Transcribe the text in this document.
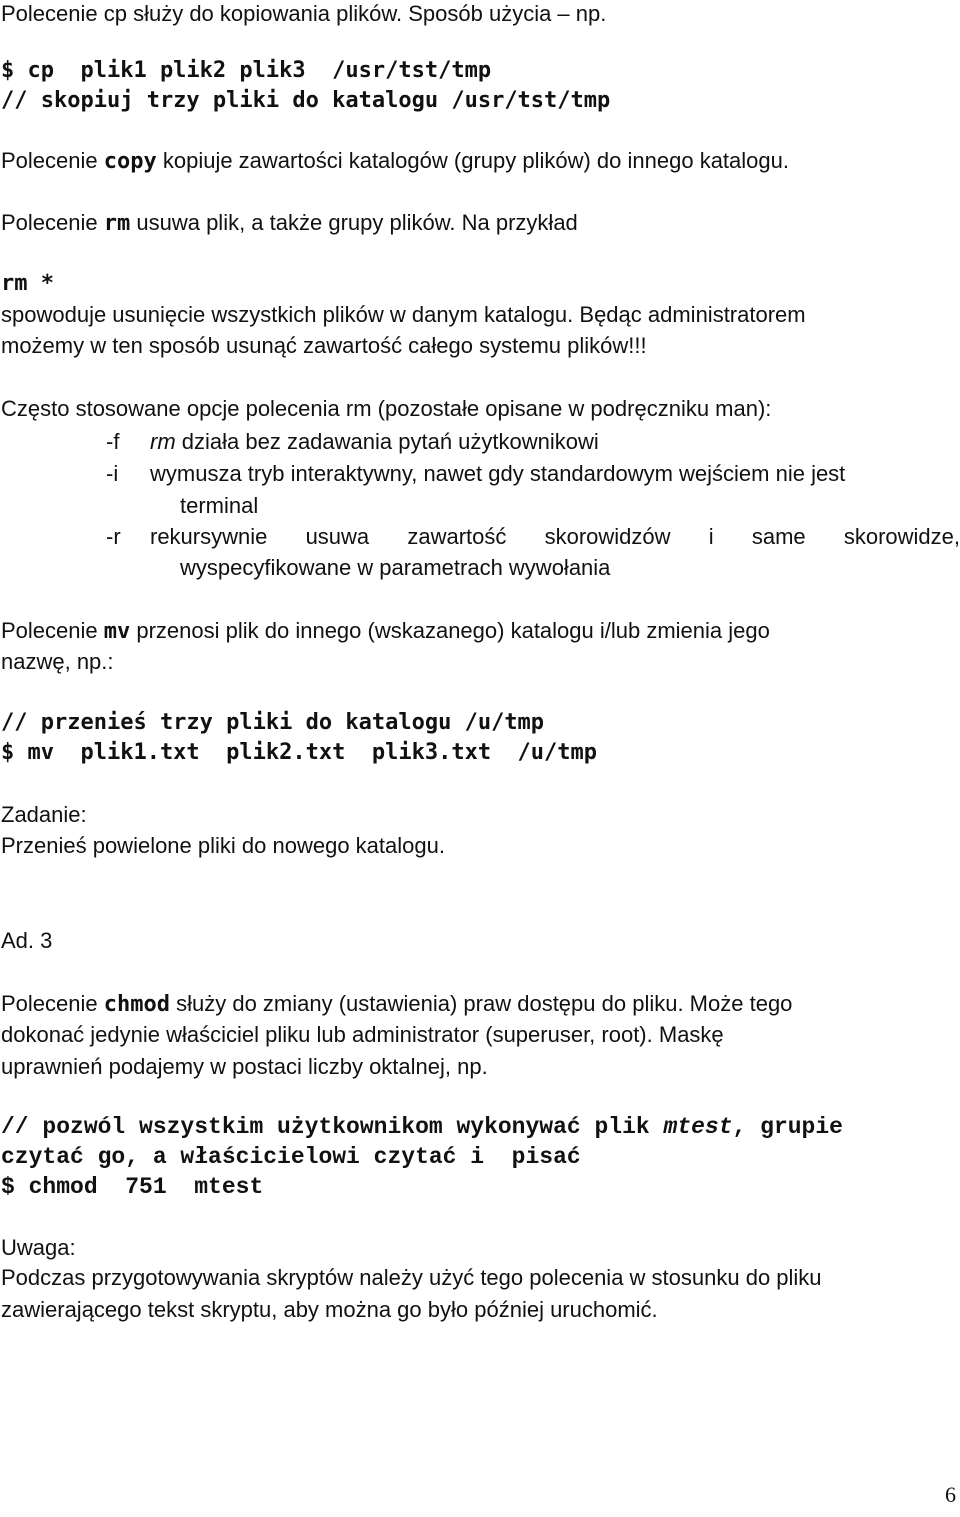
Polecenie cp służy do kopiowania plików. Sposób użycia – np.
$ cp  plik1 plik2 plik3  /usr/tst/tmp
// skopiuj trzy pliki do katalogu /usr/tst/tmp
Polecenie copy kopiuje zawartości katalogów (grupy plików) do innego katalogu.
Polecenie rm usuwa plik, a także grupy plików. Na przykład
rm *
spowoduje usunięcie wszystkich plików w danym katalogu. Będąc administratorem
możemy w ten sposób usunąć zawartość całego systemu plików!!!
Często stosowane opcje polecenia rm (pozostałe opisane w podręczniku man):
-f rm działa bez zadawania pytań użytkownikowi
-i wymusza tryb interaktywny, nawet gdy standardowym wejściem nie jest
terminal
-r rekursywnie usuwa zawartość skorowidzów i same skorowidze,
wyspecyfikowane w parametrach wywołania
Polecenie mv przenosi plik do innego (wskazanego) katalogu i/lub zmienia jego
nazwę, np.:
// przenieś trzy pliki do katalogu /u/tmp
$ mv  plik1.txt  plik2.txt  plik3.txt  /u/tmp
Zadanie:
Przenieś powielone pliki do nowego katalogu.
Ad. 3
Polecenie chmod służy do zmiany (ustawienia) praw dostępu do pliku. Może tego
dokonać jedynie właściciel pliku lub administrator (superuser, root). Maskę
uprawnień podajemy w postaci liczby oktalnej, np.
// pozwól wszystkim użytkownikom wykonywać plik mtest, grupie
czytać go, a właścicielowi czytać i  pisać
$ chmod  751  mtest
Uwaga:
Podczas przygotowywania skryptów należy użyć tego polecenia w stosunku do pliku
zawierającego tekst skryptu, aby można go było później uruchomić.
6
